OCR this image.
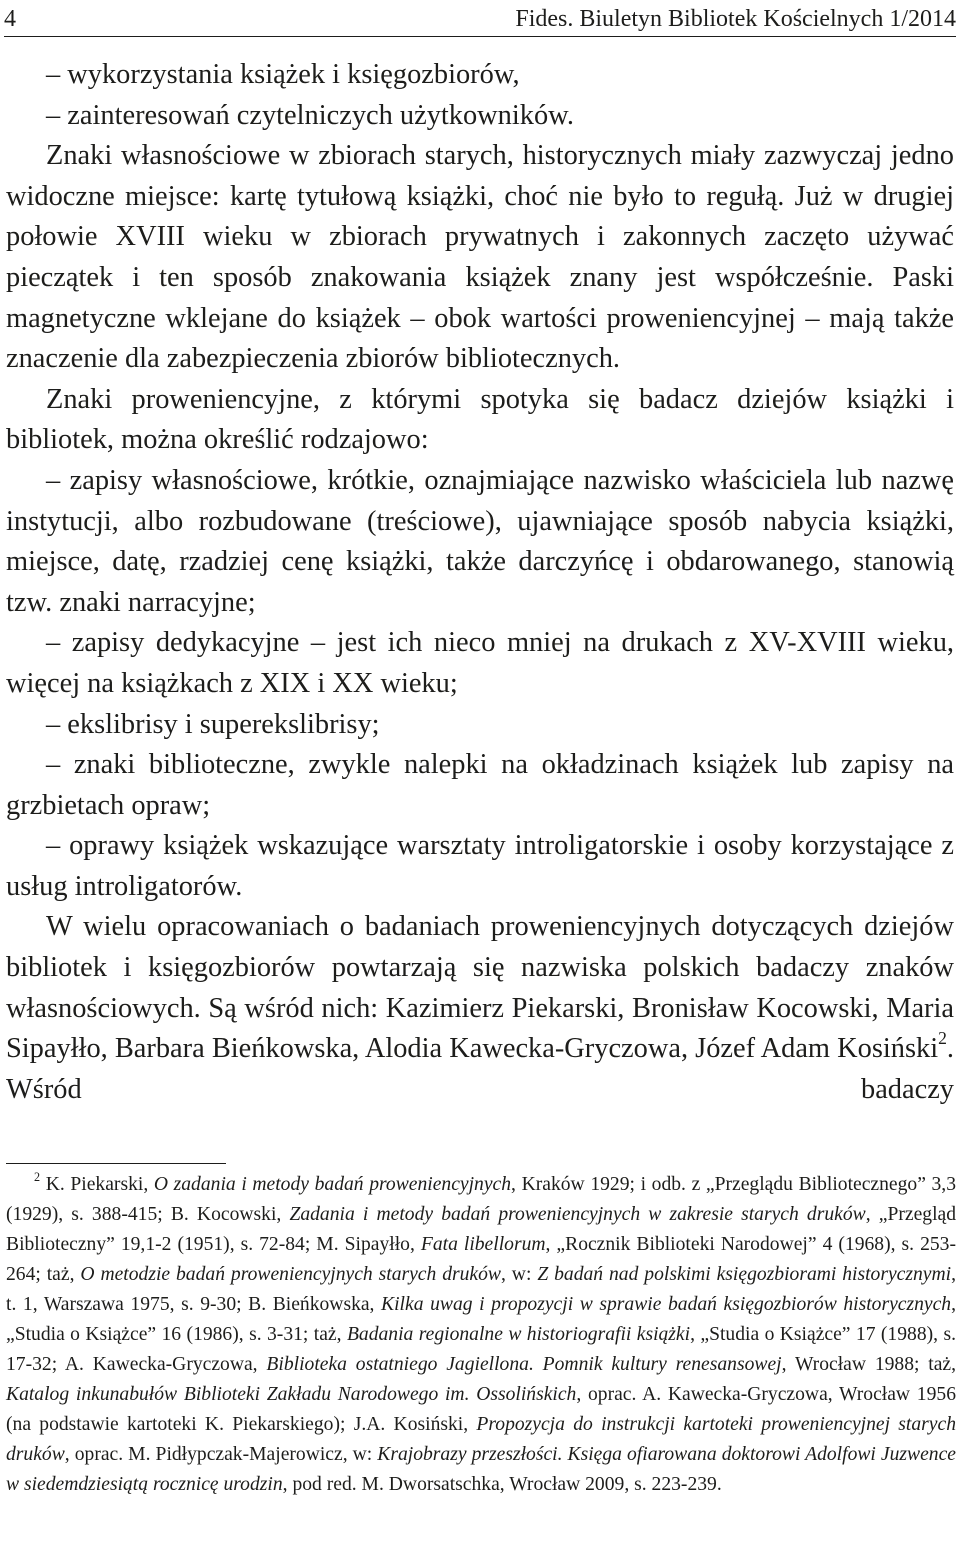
4	Fides. Biuletyn Bibliotek Kościelnych 1/2014

– wykorzystania książek i księgozbiorów,

– zainteresowań czytelniczych użytkowników.

Znaki własnościowe w zbiorach starych, historycznych miały zazwyczaj jedno widoczne miejsce: kartę tytułową książki, choć nie było to regułą. Już w drugiej połowie XVIII wieku w zbiorach prywatnych i zakonnych zaczęto używać pieczątek i ten sposób znakowania książek znany jest współcześnie. Paski magnetyczne wklejane do książek – obok wartości proweniencyjnej – mają także znaczenie dla zabezpieczenia zbiorów bibliotecznych.

Znaki proweniencyjne, z którymi spotyka się badacz dziejów książki i bibliotek, można określić rodzajowo:

– zapisy własnościowe, krótkie, oznajmiające nazwisko właściciela lub nazwę instytucji, albo rozbudowane (treściowe), ujawniające sposób nabycia książki, miejsce, datę, rzadziej cenę książki, także darczyńcę i obdarowanego, stanowią tzw. znaki narracyjne;

– zapisy dedykacyjne – jest ich nieco mniej na drukach z XV-XVIII wieku, więcej na książkach z XIX i XX wieku;

– ekslibrisy i superekslibrisy;

– znaki biblioteczne, zwykle nalepki na okładzinach książek lub zapisy na grzbietach opraw;

– oprawy książek wskazujące warsztaty introligatorskie i osoby korzystające z usług introligatorów.

W wielu opracowaniach o badaniach proweniencyjnych dotyczących dziejów bibliotek i księgozbiorów powtarzają się nazwiska polskich badaczy znaków własnościowych. Są wśród nich: Kazimierz Piekarski, Bronisław Kocowski, Maria Sipayłło, Barbara Bieńkowska, Alodia Kawecka-Gryczowa, Józef Adam Kosiński$^2$. Wśród badaczy

$^2$ K. Piekarski, O zadania i metody badań proweniencyjnych, Kraków 1929; i odb. z „Przeglądu Bibliotecznego” 3,3 (1929), s. 388-415; B. Kocowski, Zadania i metody badań proweniencyjnych w zakresie starych druków, „Przegląd Biblioteczny” 19,1-2 (1951), s. 72-84; M. Sipayłło, Fata libellorum, „Rocznik Biblioteki Narodowej” 4 (1968), s. 253-264; taż, O metodzie badań proweniencyjnych starych druków, w: Z badań nad polskimi księgozbiorami historycznymi, t. 1, Warszawa 1975, s. 9-30; B. Bieńkowska, Kilka uwag i propozycji w sprawie badań księgozbiorów historycznych, „Studia o Książce” 16 (1986), s. 3-31; taż, Badania regionalne w historiografii książki, „Studia o Książce” 17 (1988), s. 17-32; A. Kawecka-Gryczowa, Biblioteka ostatniego Jagiellona. Pomnik kultury renesansowej, Wrocław 1988; taż, Katalog inkunabułów Biblioteki Zakładu Narodowego im. Ossolińskich, oprac. A. Kawecka-Gryczowa, Wrocław 1956 (na podstawie kartoteki K. Piekarskiego); J.A. Kosiński, Propozycja do instrukcji kartoteki proweniencyjnej starych druków, oprac. M. Pidłypczak-Majerowicz, w: Krajobrazy przeszłości. Księga ofiarowana doktorowi Adolfowi Juzwence w siedemdziesiątą rocznicę urodzin, pod red. M. Dworsatschka, Wrocław 2009, s. 223-239.
